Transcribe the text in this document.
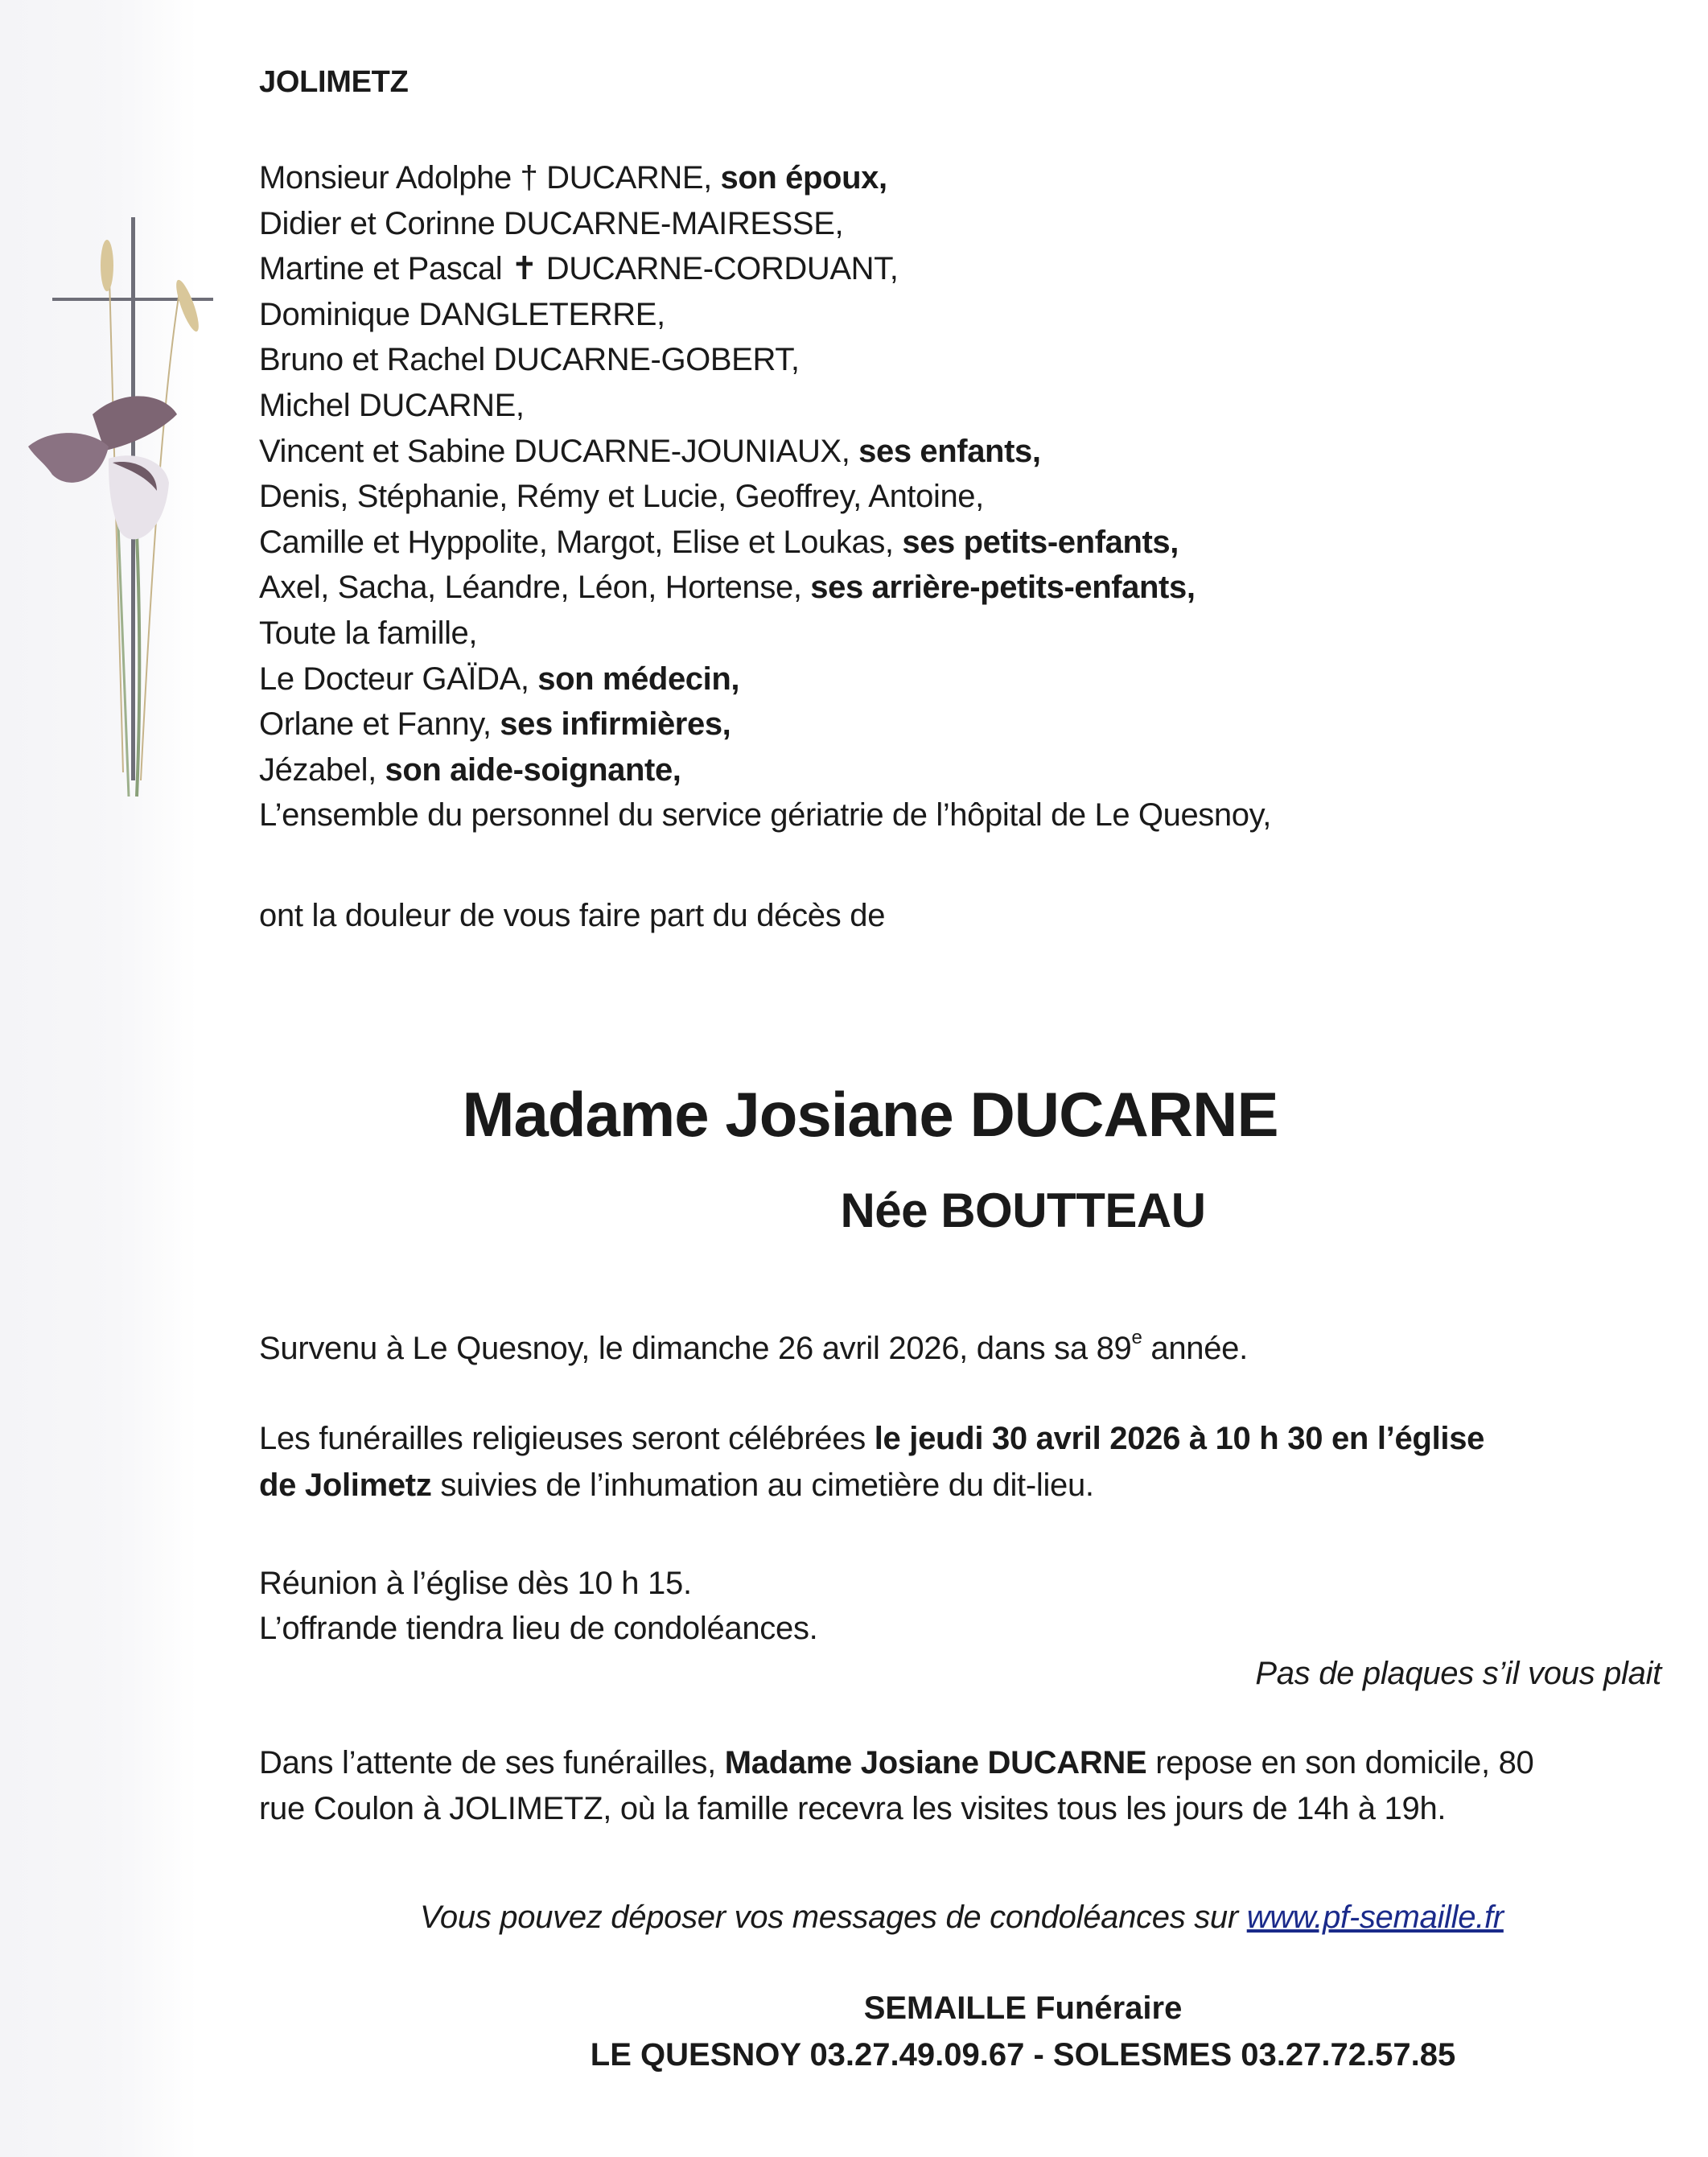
JOLIMETZ
Monsieur Adolphe † DUCARNE, son époux,
Didier et Corinne DUCARNE-MAIRESSE,
Martine et Pascal ✝ DUCARNE-CORDUANT,
Dominique DANGLETERRE,
Bruno et Rachel DUCARNE-GOBERT,
Michel DUCARNE,
Vincent et Sabine DUCARNE-JOUNIAUX, ses enfants,
Denis, Stéphanie, Rémy et Lucie, Geoffrey, Antoine,
Camille et Hyppolite, Margot, Elise et Loukas, ses petits-enfants,
Axel, Sacha, Léandre, Léon, Hortense, ses arrière-petits-enfants,
Toute la famille,
Le Docteur GAÏDA, son médecin,
Orlane et Fanny, ses infirmières,
Jézabel, son aide-soignante,
L’ensemble du personnel du service gériatrie de l’hôpital de Le Quesnoy,
ont la douleur de vous faire part du décès de
Madame Josiane DUCARNE
Née BOUTTEAU
Survenu à Le Quesnoy, le dimanche 26 avril 2026, dans sa 89e année.
Les funérailles religieuses seront célébrées le jeudi 30 avril 2026 à 10 h 30 en l’église
de Jolimetz suivies de l’inhumation au cimetière du dit-lieu.
Réunion à l’église dès 10 h 15.
L’offrande tiendra lieu de condoléances.
Pas de plaques s’il vous plait
Dans l’attente de ses funérailles, Madame Josiane DUCARNE repose en son domicile, 80
rue Coulon à JOLIMETZ, où la famille recevra les visites tous les jours de 14h à 19h.
Vous pouvez déposer vos messages de condoléances sur www.pf-semaille.fr
SEMAILLE Funéraire
LE QUESNOY 03.27.49.09.67 - SOLESMES 03.27.72.57.85
